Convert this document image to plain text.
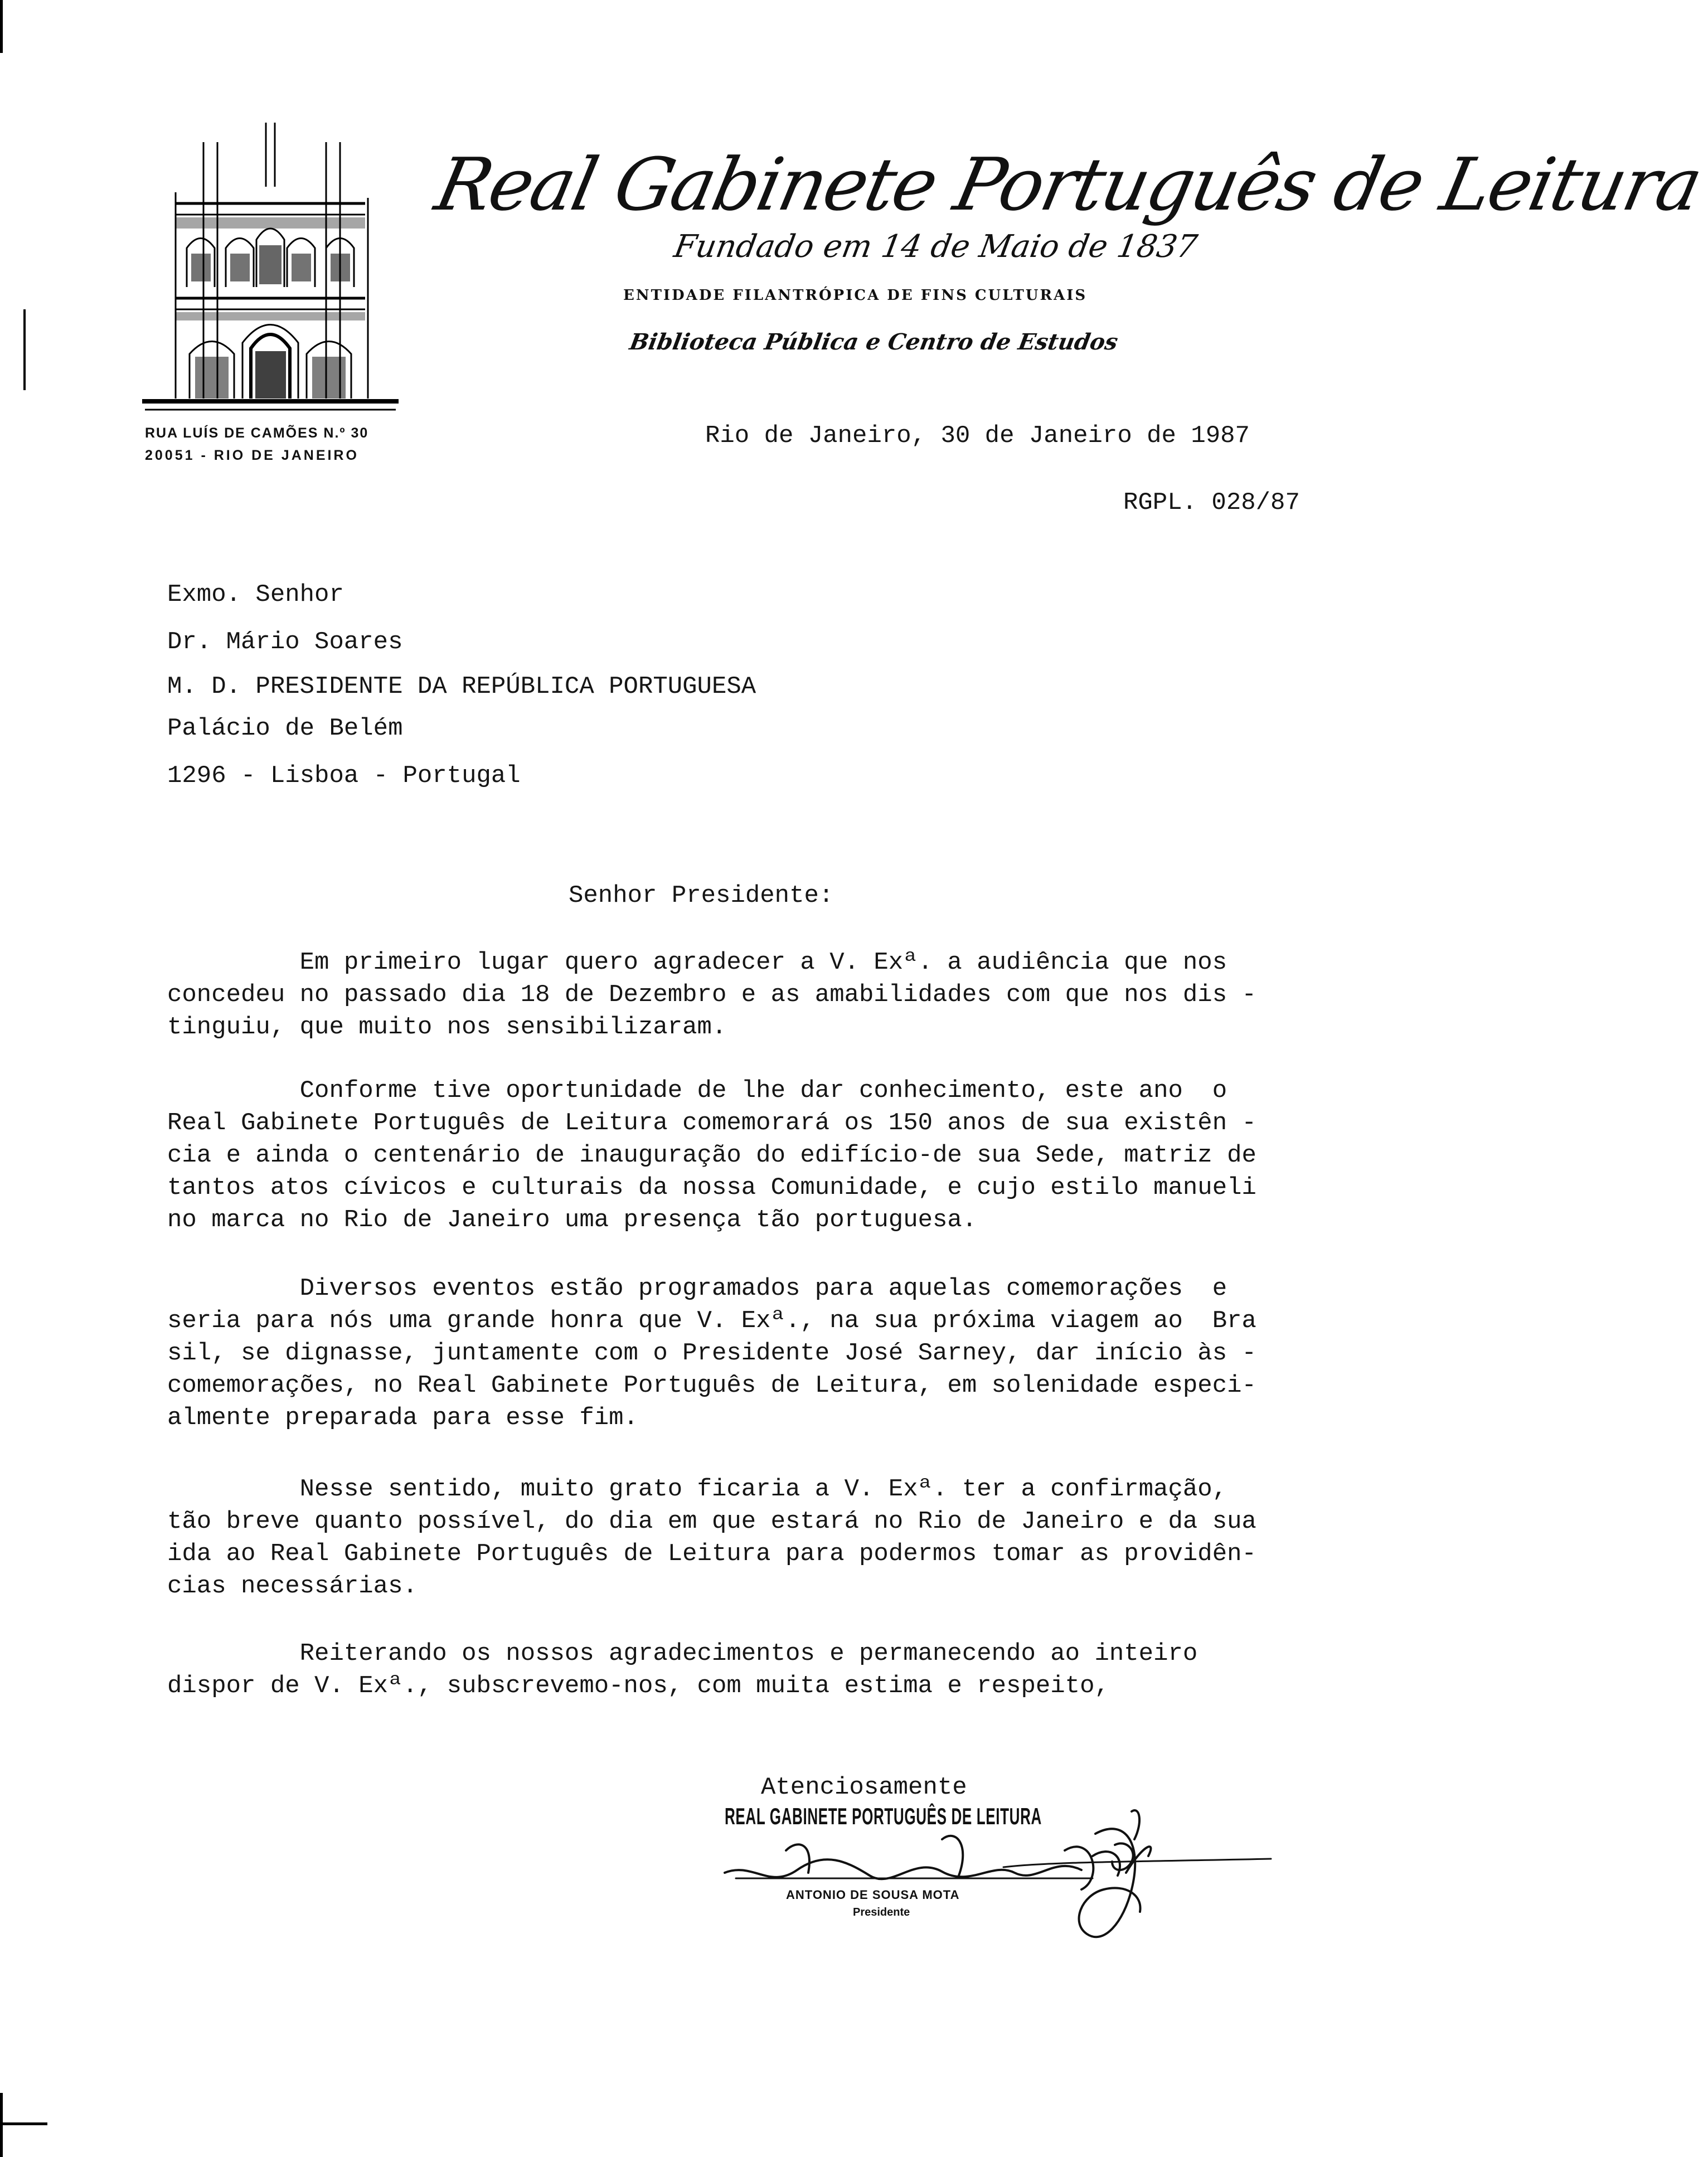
RUA LUÍS DE CAMÕES N.º 30
20051 - RIO DE JANEIRO
Real Gabinete Português de Leitura
Fundado em 14 de Maio de 1837
ENTIDADE FILANTRÓPICA DE FINS CULTURAIS
Biblioteca Pública e Centro de Estudos
Rio de Janeiro, 30 de Janeiro de 1987
RGPL. 028/87
Exmo. Senhor
Dr. Mário Soares
M. D. PRESIDENTE DA REPÚBLICA PORTUGUESA
Palácio de Belém
1296 - Lisboa - Portugal
Senhor Presidente:
Em primeiro lugar quero agradecer a V. Exª. a audiência que nos
concedeu no passado dia 18 de Dezembro e as amabilidades com que nos dis -
tinguiu, que muito nos sensibilizaram.
Conforme tive oportunidade de lhe dar conhecimento, este ano  o
Real Gabinete Português de Leitura comemorará os 150 anos de sua existên -
cia e ainda o centenário de inauguração do edifício-de sua Sede, matriz de
tantos atos cívicos e culturais da nossa Comunidade, e cujo estilo manueli
no marca no Rio de Janeiro uma presença tão portuguesa.
Diversos eventos estão programados para aquelas comemorações  e
seria para nós uma grande honra que V. Exª., na sua próxima viagem ao  Bra
sil, se dignasse, juntamente com o Presidente José Sarney, dar início às -
comemorações, no Real Gabinete Português de Leitura, em solenidade especi-
almente preparada para esse fim.
Nesse sentido, muito grato ficaria a V. Exª. ter a confirmação,
tão breve quanto possível, do dia em que estará no Rio de Janeiro e da sua
ida ao Real Gabinete Português de Leitura para podermos tomar as providên-
cias necessárias.
Reiterando os nossos agradecimentos e permanecendo ao inteiro
dispor de V. Exª., subscrevemo-nos, com muita estima e respeito,
Atenciosamente
REAL GABINETE PORTUGUÊS DE LEITURA
ANTONIO DE SOUSA MOTA
Presidente
